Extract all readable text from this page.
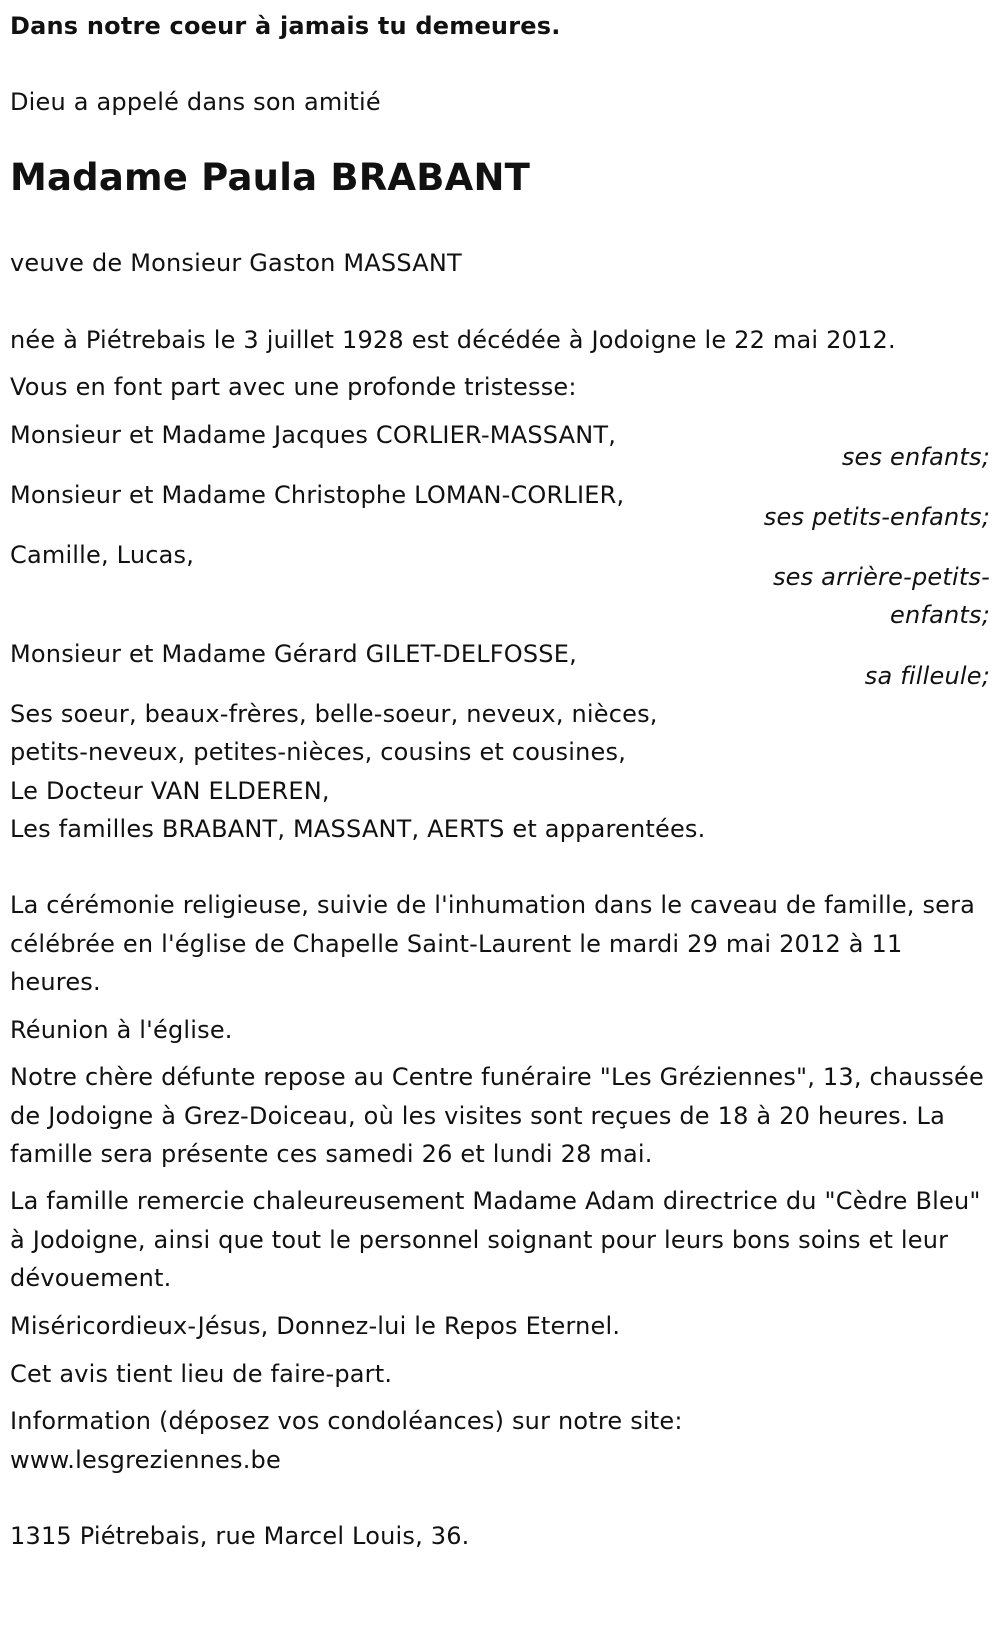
Dans notre coeur à jamais tu demeures.
Dieu a appelé dans son amitié
Madame Paula BRABANT
veuve de Monsieur Gaston MASSANT
née à Piétrebais le 3 juillet 1928 est décédée à Jodoigne le 22 mai 2012.
Vous en font part avec une profonde tristesse:
Monsieur et Madame Jacques CORLIER-MASSANT,
ses enfants;
Monsieur et Madame Christophe LOMAN-CORLIER,
ses petits-enfants;
Camille, Lucas,
ses arrière-petits-enfants;
Monsieur et Madame Gérard GILET-DELFOSSE,
sa filleule;
Ses soeur, beaux-frères, belle-soeur, neveux, nièces,
petits-neveux, petites-nièces, cousins et cousines,
Le Docteur VAN ELDEREN,
Les familles BRABANT, MASSANT, AERTS et apparentées.
La cérémonie religieuse, suivie de l'inhumation dans le caveau de famille, sera célébrée en l'église de Chapelle Saint-Laurent le mardi 29 mai 2012 à 11 heures.
Réunion à l'église.
Notre chère défunte repose au Centre funéraire "Les Gréziennes", 13, chaussée de Jodoigne à Grez-Doiceau, où les visites sont reçues de 18 à 20 heures. La famille sera présente ces samedi 26 et lundi 28 mai.
La famille remercie chaleureusement Madame Adam directrice du "Cèdre Bleu" à Jodoigne, ainsi que tout le personnel soignant pour leurs bons soins et leur dévouement.
Miséricordieux-Jésus, Donnez-lui le Repos Eternel.
Cet avis tient lieu de faire-part.
Information (déposez vos condoléances) sur notre site:
www.lesgreziennes.be
1315 Piétrebais, rue Marcel Louis, 36.
